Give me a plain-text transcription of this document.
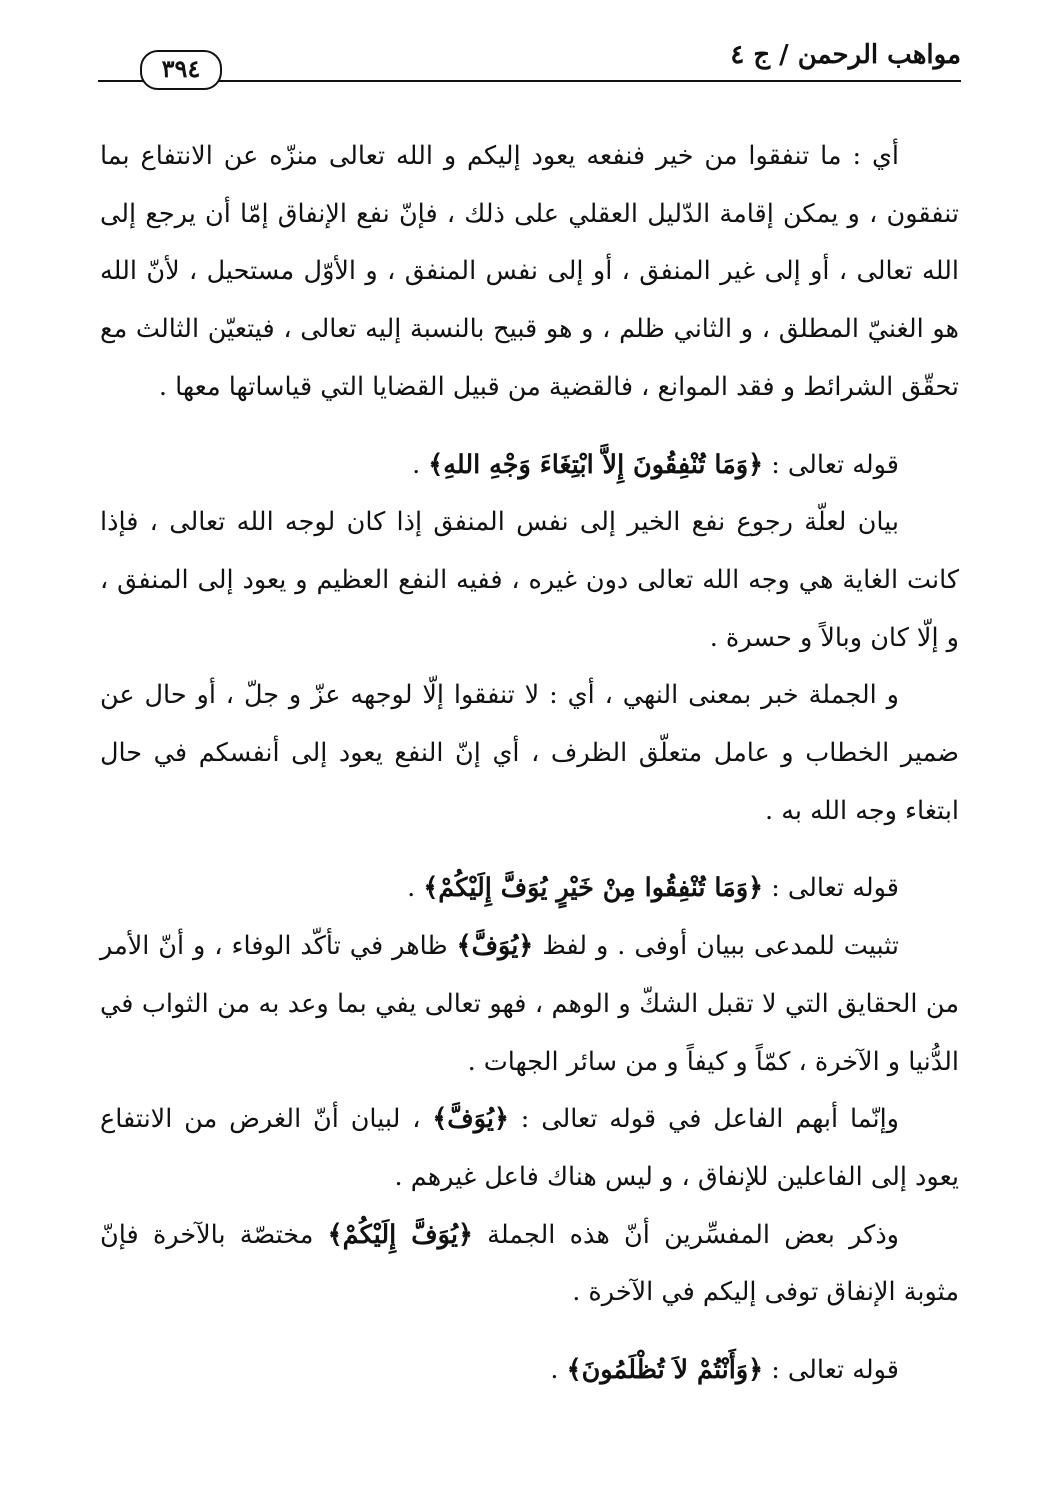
مواهب الرحمن / ج ٤
٣٩٤

أي : ما تنفقوا من خير فنفعه يعود إليكم و الله تعالى منزّه عن الانتفاع بما تنفقون ، و يمكن إقامة الدّليل العقلي على ذلك ، فإنّ نفع الإنفاق إمّا أن يرجع إلى الله تعالى ، أو إلى غير المنفق ، أو إلى نفس المنفق ، و الأوّل مستحيل ، لأنّ الله هو الغنيّ المطلق ، و الثاني ظلم ، و هو قبيح بالنسبة إليه تعالى ، فيتعيّن الثالث مع تحقّق الشرائط و فقد الموانع ، فالقضية من قبيل القضايا التي قياساتها معها .

قوله تعالى : ﴿وَمَا تُنْفِقُونَ إِلاَّ ابْتِغَاءَ وَجْهِ اللهِ﴾ .

بيان لعلّة رجوع نفع الخير إلى نفس المنفق إذا كان لوجه الله تعالى ، فإذا كانت الغاية هي وجه الله تعالى دون غيره ، ففيه النفع العظيم و يعود إلى المنفق ، و إلّا كان وبالاً و حسرة .

و الجملة خبر بمعنى النهي ، أي : لا تنفقوا إلّا لوجهه عزّ و جلّ ، أو حال عن ضمير الخطاب و عامل متعلّق الظرف ، أي إنّ النفع يعود إلى أنفسكم في حال ابتغاء وجه الله به .

قوله تعالى : ﴿وَمَا تُنْفِقُوا مِنْ خَيْرٍ يُوَفَّ إِلَيْكُمْ﴾ .

تثبيت للمدعى ببيان أوفى . و لفظ ﴿يُوَفَّ﴾ ظاهر في تأكّد الوفاء ، و أنّ الأمر من الحقايق التي لا تقبل الشكّ و الوهم ، فهو تعالى يفي بما وعد به من الثواب في الدُّنيا و الآخرة ، كمّاً و كيفاً و من سائر الجهات .

وإنّما أبهم الفاعل في قوله تعالى : ﴿يُوَفَّ﴾ ، لبيان أنّ الغرض من الانتفاع يعود إلى الفاعلين للإنفاق ، و ليس هناك فاعل غيرهم .

وذكر بعض المفسِّرين أنّ هذه الجملة ﴿يُوَفَّ إِلَيْكُمْ﴾ مختصّة بالآخرة فإنّ مثوبة الإنفاق توفى إليكم في الآخرة .

قوله تعالى : ﴿وَأَنْتُمْ لاَ تُظْلَمُونَ﴾ .
